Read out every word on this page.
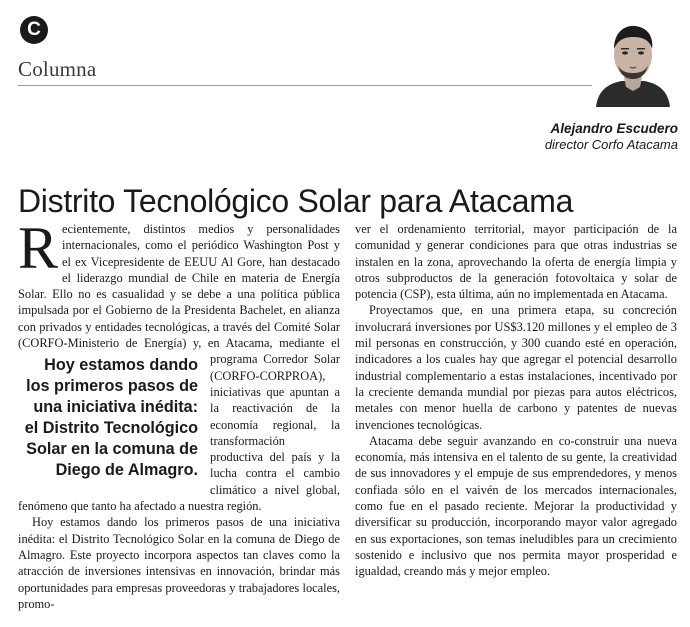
C
Columna
Alejandro Escudero
director Corfo Atacama
Distrito Tecnológico Solar para Atacama

R ecientemente, distintos medios y personalidades internacionales, como el periódico Washington Post y el ex Vicepresidente de EEUU Al Gore, han destacado el liderazgo mundial de Chile en materia de Energía Solar. Ello no es casualidad y se debe a una política pública impulsada por el Gobierno de la Presidenta Bachelet, en alianza con privados y entidades tecnológicas, a través del Comité Solar (CORFO-Ministerio de Energía) y, en Atacama,
Hoy estamos dando los primeros pasos de una iniciativa inédita: el Distrito Tecnológico Solar en la comuna de Diego de Almagro.
mediante el programa Corredor Solar (CORFO-CORPROA), iniciativas que apuntan a la reactivación de la economía regional, la transformación productiva del país y la lucha contra el cambio climático a nivel global, fenómeno que tanto ha afectado a nuestra región.

Hoy estamos dando los primeros pasos de una iniciativa inédita: el Distrito Tecnológico Solar en la comuna de Diego de Almagro. Este proyecto incorpora aspectos tan claves como la atracción de inversiones intensivas en innovación, brindar más oportunidades para empresas proveedoras y trabajadores locales, promo-

ver el ordenamiento territorial, mayor participación de la comunidad y generar condiciones para que otras industrias se instalen en la zona, aprovechando la oferta de energía limpia y otros subproductos de la generación fotovoltaica y solar de potencia (CSP), esta última, aún no implementada en Atacama.

Proyectamos que, en una primera etapa, su concreción involucrará inversiones por US$3.120 millones y el empleo de 3 mil personas en construcción, y 300 cuando esté en operación, indicadores a los cuales hay que agregar el potencial desarrollo industrial complementario a estas instalaciones, incentivado por la creciente demanda mundial por piezas para autos eléctricos, metales con menor huella de carbono y patentes de nuevas invenciones tecnológicas.

Atacama debe seguir avanzando en co-construir una nueva economía, más intensiva en el talento de su gente, la creatividad de sus innovadores y el empuje de sus emprendedores, y menos confiada sólo en el vaivén de los mercados internacionales, como fue en el pasado reciente. Mejorar la productividad y diversificar su producción, incorporando mayor valor agregado en sus exportaciones, son temas ineludibles para un crecimiento sostenido e inclusivo que nos permita mayor prosperidad e igualdad, creando más y mejor empleo.
